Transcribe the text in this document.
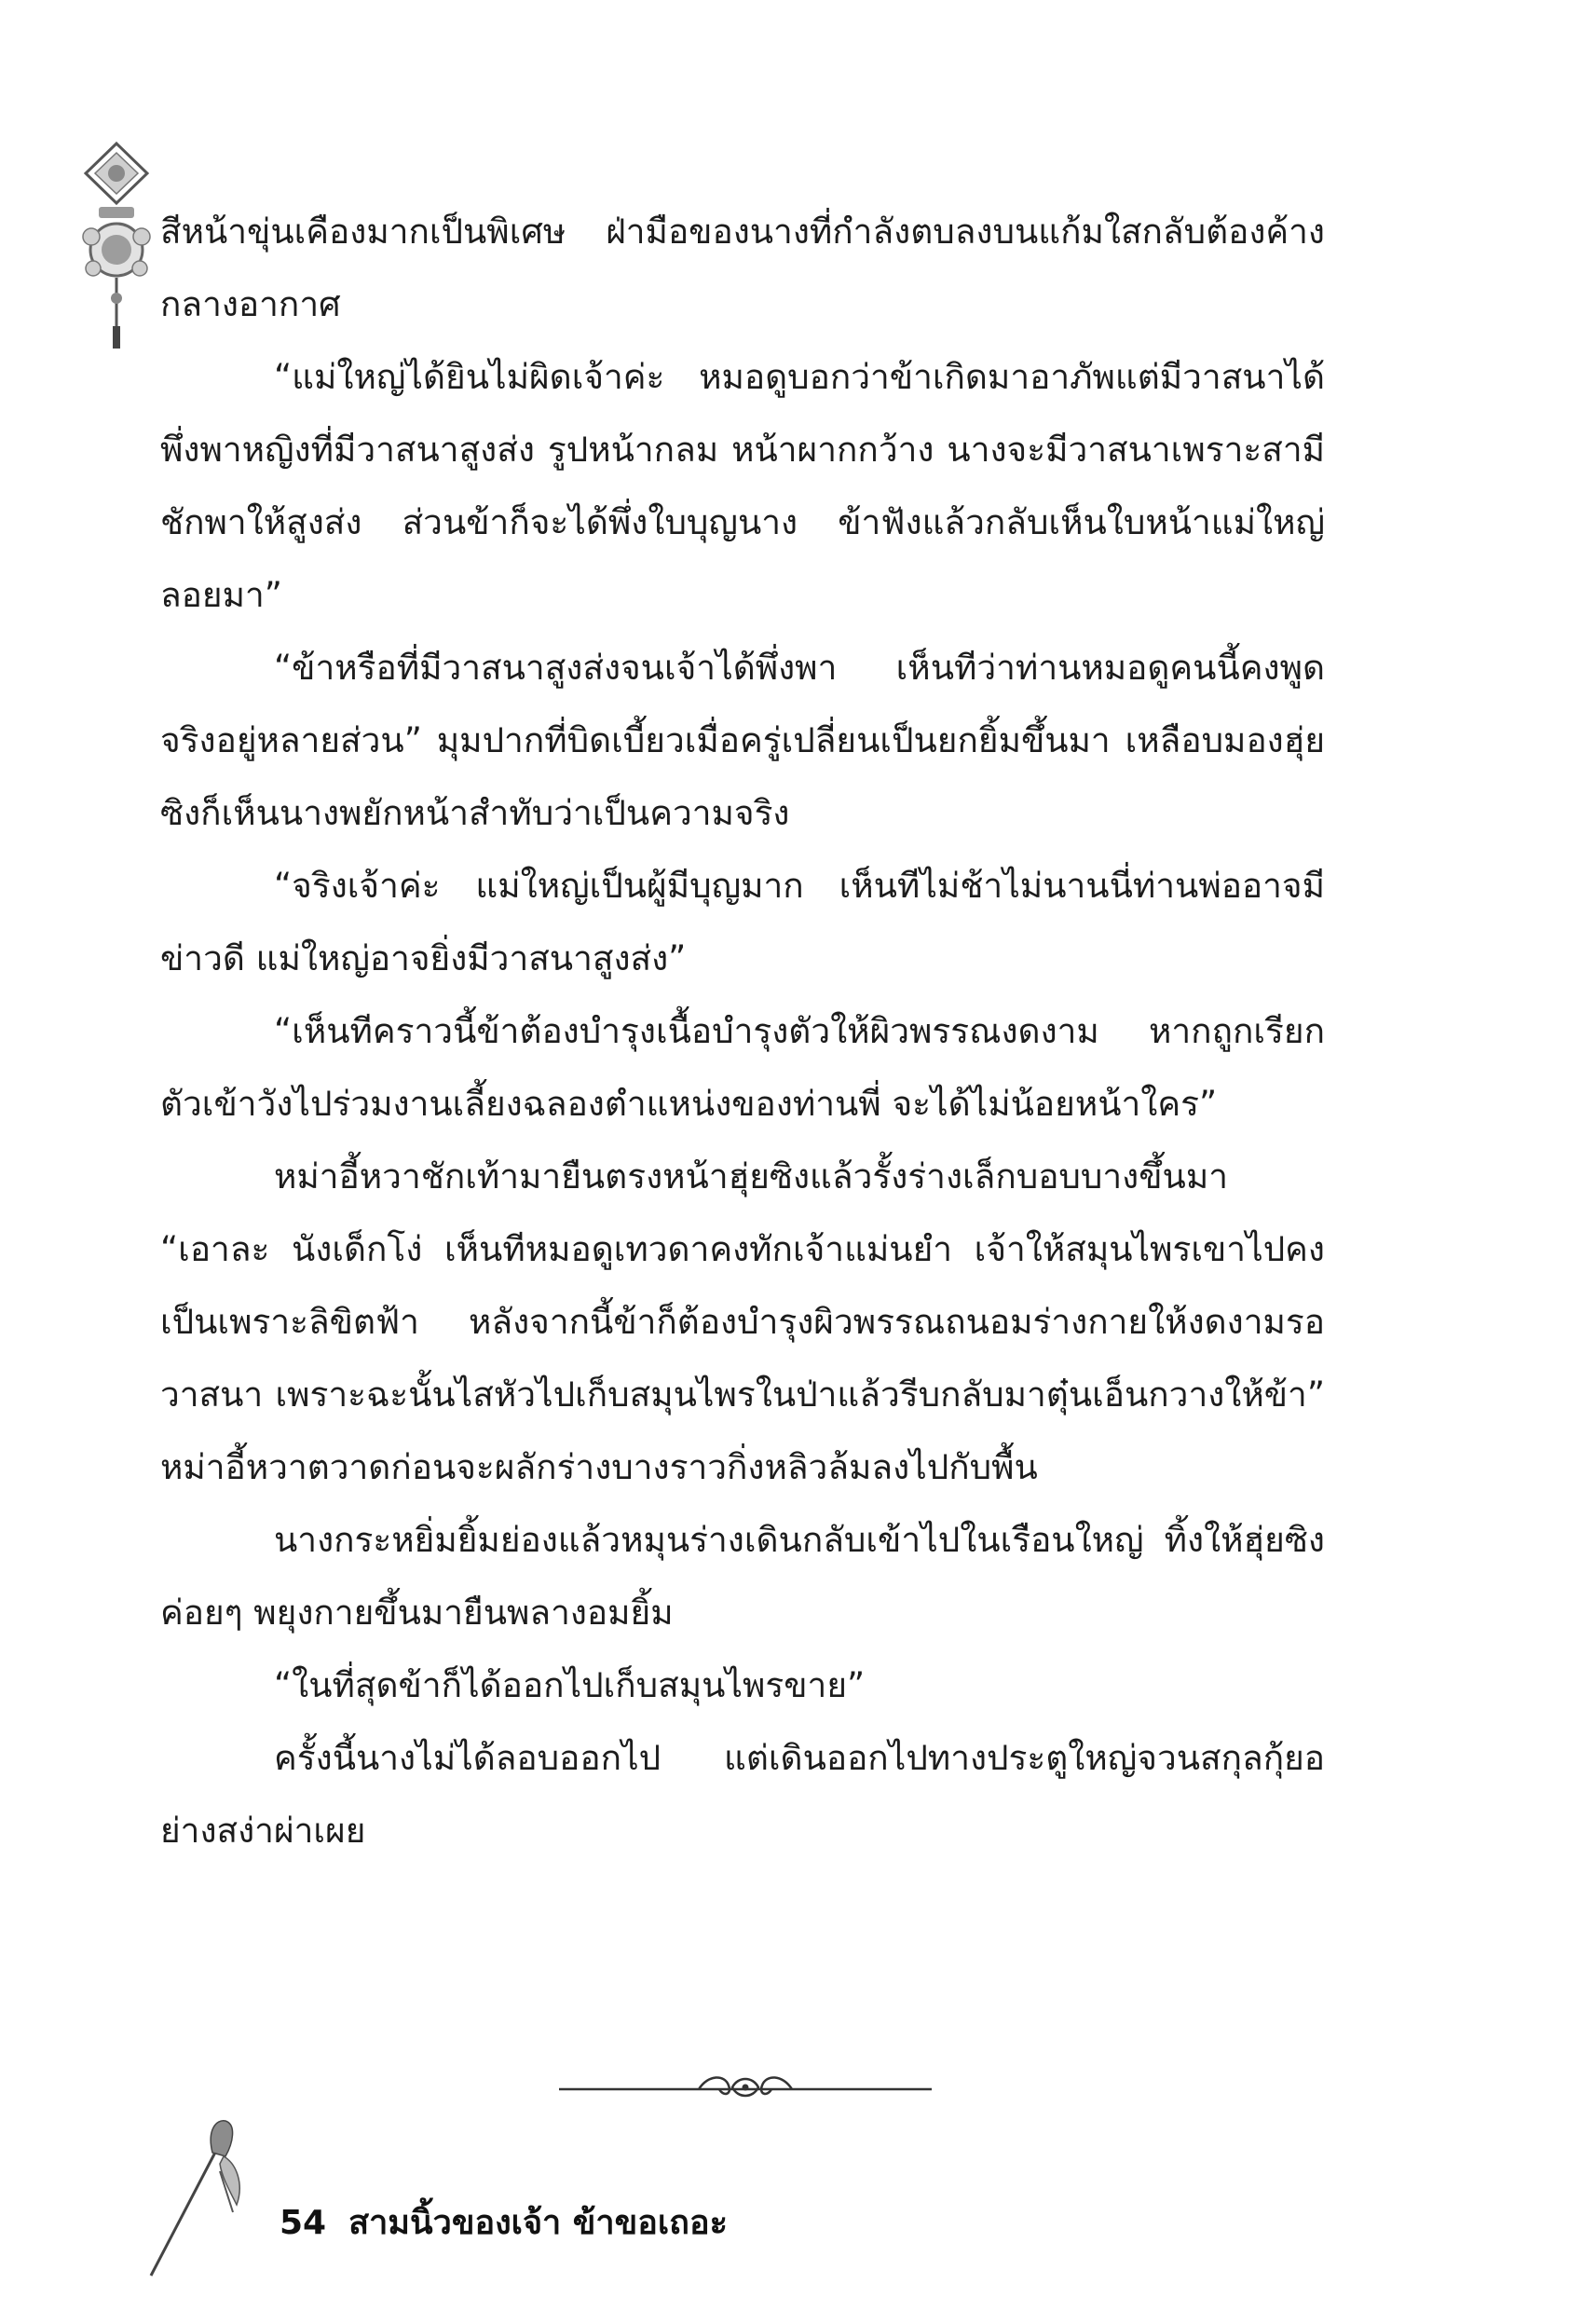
สีหน้าขุ่นเคืองมากเป็นพิเศษ ฝ่ามือของนางที่กำลังตบลงบนแก้มใสกลับต้องค้างกลางอากาศ

“แม่ใหญ่ได้ยินไม่ผิดเจ้าค่ะ หมอดูบอกว่าข้าเกิดมาอาภัพแต่มีวาสนาได้พึ่งพาหญิงที่มีวาสนาสูงส่ง รูปหน้ากลม หน้าผากกว้าง นางจะมีวาสนาเพราะสามีชักพาให้สูงส่ง ส่วนข้าก็จะได้พึ่งใบบุญนาง ข้าฟังแล้วกลับเห็นใบหน้าแม่ใหญ่ลอยมา”

“ข้าหรือที่มีวาสนาสูงส่งจนเจ้าได้พึ่งพา เห็นทีว่าท่านหมอดูคนนี้คงพูดจริงอยู่หลายส่วน” มุมปากที่บิดเบี้ยวเมื่อครู่เปลี่ยนเป็นยกยิ้มขึ้นมา เหลือบมองฮุ่ยซิงก็เห็นนางพยักหน้าสำทับว่าเป็นความจริง

“จริงเจ้าค่ะ แม่ใหญ่เป็นผู้มีบุญมาก เห็นทีไม่ช้าไม่นานนี่ท่านพ่ออาจมีข่าวดี แม่ใหญ่อาจยิ่งมีวาสนาสูงส่ง”

“เห็นทีคราวนี้ข้าต้องบำรุงเนื้อบำรุงตัวให้ผิวพรรณงดงาม หากถูกเรียกตัวเข้าวังไปร่วมงานเลี้ยงฉลองตำแหน่งของท่านพี่ จะได้ไม่น้อยหน้าใคร”

หม่าอี้หวาชักเท้ามายืนตรงหน้าฮุ่ยซิงแล้วรั้งร่างเล็กบอบบางขึ้นมา “เอาละ นังเด็กโง่ เห็นทีหมอดูเทวดาคงทักเจ้าแม่นยำ เจ้าให้สมุนไพรเขาไปคงเป็นเพราะลิขิตฟ้า หลังจากนี้ข้าก็ต้องบำรุงผิวพรรณถนอมร่างกายให้งดงามรอวาสนา เพราะฉะนั้นไสหัวไปเก็บสมุนไพรในป่าแล้วรีบกลับมาตุ๋นเอ็นกวางให้ข้า” หม่าอี้หวาตวาดก่อนจะผลักร่างบางราวกิ่งหลิวล้มลงไปกับพื้น

นางกระหยิ่มยิ้มย่องแล้วหมุนร่างเดินกลับเข้าไปในเรือนใหญ่ ทิ้งให้ฮุ่ยซิงค่อยๆ พยุงกายขึ้นมายืนพลางอมยิ้ม

“ในที่สุดข้าก็ได้ออกไปเก็บสมุนไพรขาย”

ครั้งนี้นางไม่ได้ลอบออกไป แต่เดินออกไปทางประตูใหญ่จวนสกุลกุ้ยอย่างสง่าผ่าเผย

54 สามนิ้วของเจ้า ข้าขอเถอะ
